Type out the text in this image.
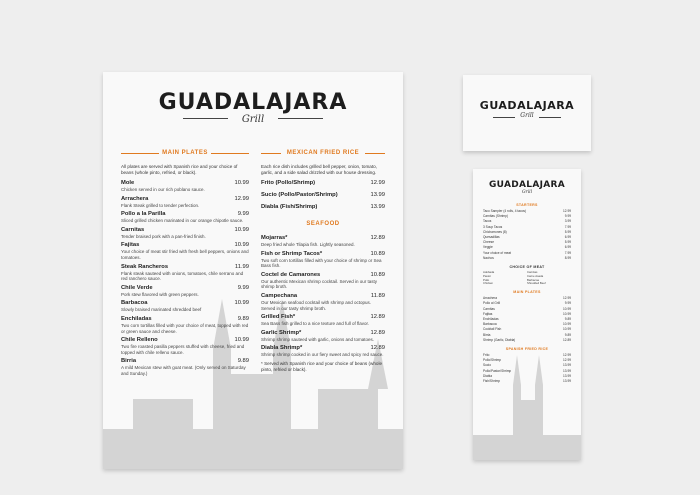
GUADALAJARA
Grill
MAIN PLATES
All plates are served with Spanish rice and your choice of beans (whole pinto, refried, or black).
Mole	10.99
Chicken served in our rich poblano sauce.
Arrachera	12.99
Flank Steak grilled to tender perfection.
Pollo a la Parilla	9.99
Sliced grilled chicken marinated in our orange chipotle sauce.
Carnitas	10.99
Tender braised pork with a pan-fried finish.
Fajitas	10.99
Your choice of meat stir fried with fresh bell peppers, onions and tomatoes.
Steak Rancheros	11.99
Flank steak sauteed with onions, tomatoes, chile serrano and red ranchero sauce.
Chile Verde	9.99
Pork stew flavored with green peppers.
Barbacoa	10.99
Slowly braised marinated shredded beef
Enchiladas	9.89
Two corn tortillas filled with your choice of meat, topped with red or green sauce and cheese.
Chile Relleno	10.99
Two fire roasted pasilla peppers stuffed with cheese, fried and topped with chile relleno sauce.
Birria	9.89
A mild Mexican stew with goat meat. (Only served on Saturday and Sunday.)
MEXICAN FRIED RICE
Each rice dish includes grilled bell pepper, onion, tomato, garlic, and a side salad drizzled with our house dressing.
Frito (Pollo/Shrimp)	12.99
Sucio (Pollo/Pastor/Shrimp)	13.99
Diabla (Fish/Shrimp)	13.99
SEAFOOD
Mojarras*	12.89
Deep fried whole Tilapia fish. Lightly seasoned.
Fish or Shrimp Tacos*	10.89
Two soft corn tortillas filled with your choice of shrimp or Sea Bass fish.
Coctel de Camarones	10.89
Our authentic Mexican shrimp cocktail. Served in our tasty shrimp broth.
Campechana	11.89
Our Mexican seafood cocktail with shrimp and octopus. Served in our tasty shrimp broth.
Grilled Fish*	12.89
Sea Bass fish grilled to a nice texture and full of flavor.
Garlic Shrimp*	12.89
Shrimp shrimp sauteed with garlic, onions and tomatoes.
Diabla Shrimp*	12.89
Shrimp shrimp cooked in our fiery sweet and spicy red sauce.
* Served with Spanish rice and your choice of beans (whole pinto, refried or black).
GUADALAJARA
Grill
GUADALAJARA
Grill
STARTERS
Taco Sampler (4 rolls, 4 tacos)	12.99
Carnitas (Shrimp)	9.99
Tacos	3.99
3 Soup Tacos	7.99
Chicharrones (8)	5.99
Quesadillas	6.99
Cheese	5.99
Veggie	6.99
Your choice of meat	7.99
Nachos	8.99
CHOICE OF MEAT
Adobada	Carnitas
Pastor	Carne Asada
Pollo	Barbacoa
Chicken	Shredded Beef
MAIN PLATES
Arrachera	12.99
Pollo al Grill	9.99
Carnitas	10.99
Fajitas	10.99
Enchiladas	9.89
Barbacoa	10.99
Cocktail Fish	10.99
Birria	9.89
Shrimp (Garlic, Diabla)	12.89
SPANISH FRIED RICE
Frito	12.99
Pollo/Shrimp	12.99
Sucio	13.99
Pollo/Pastor/Shrimp	13.99
Diabla	13.99
Fish/Shrimp	13.99
